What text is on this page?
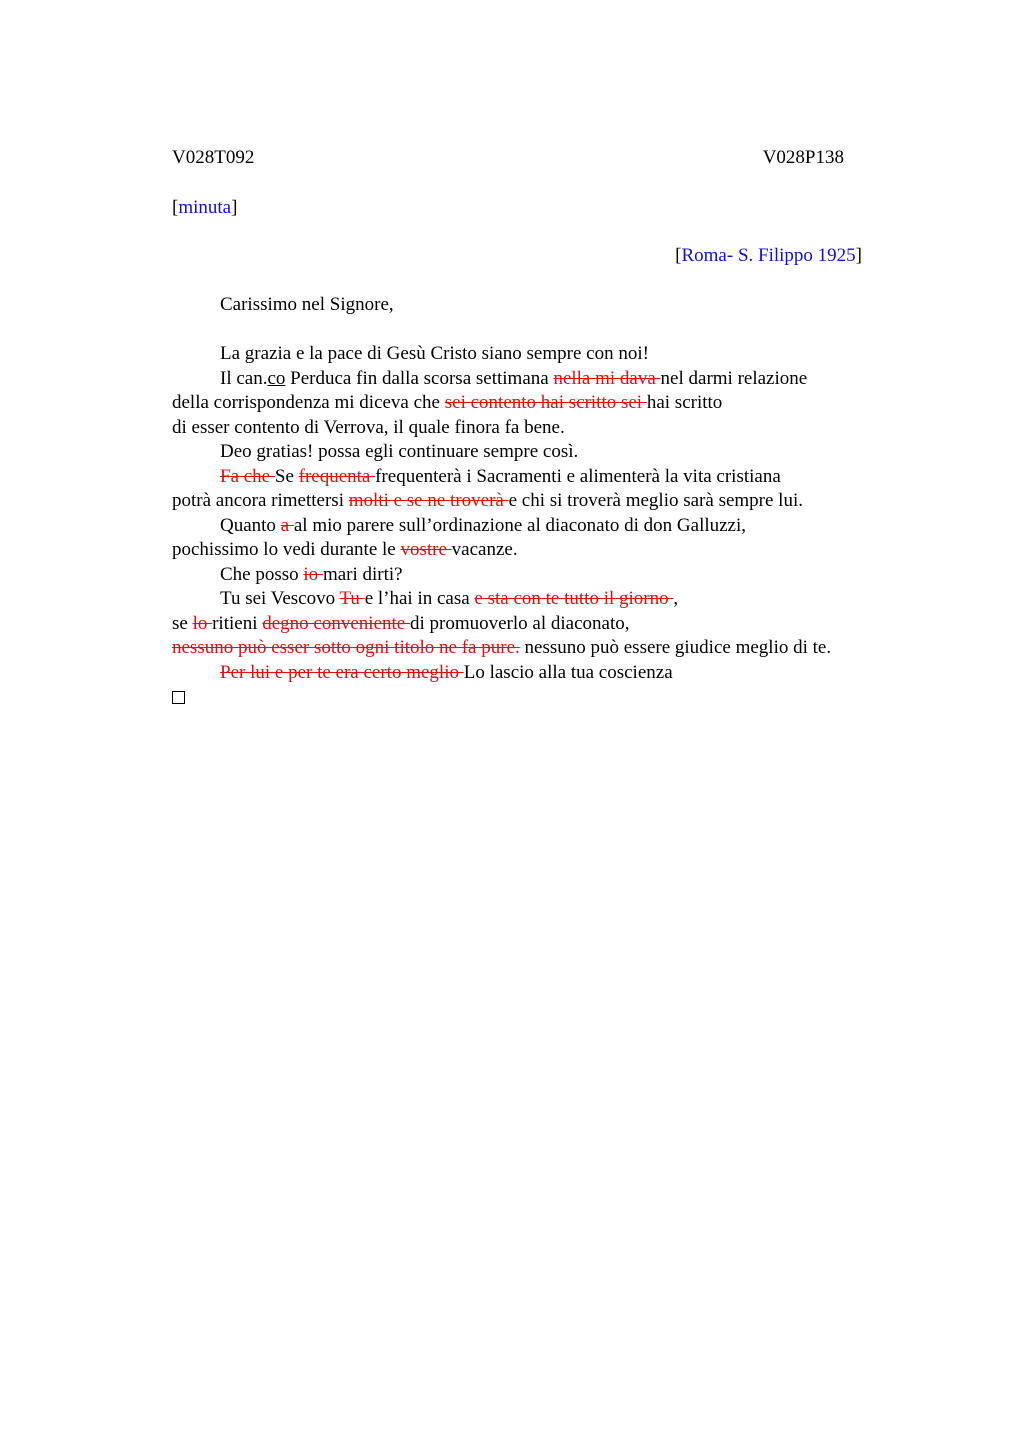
V028T092	V028P138
[minuta]
[Roma- S. Filippo 1925]
Carissimo nel Signore,
La grazia e la pace di Gesù Cristo siano sempre con noi!
Il can.co Perduca fin dalla scorsa settimana nella mi dava nel darmi relazione
della corrispondenza mi diceva che sei contento hai scritto sei hai scritto
di esser contento di Verrova, il quale finora fa bene.
Deo gratias! possa egli continuare sempre così.
Fa che Se frequenta frequenterà i Sacramenti e alimenterà la vita cristiana
potrà ancora rimettersi molti e se ne troverà e chi si troverà meglio sarà sempre lui.
Quanto a al mio parere sull’ordinazione al diaconato di don Galluzzi,
pochissimo lo vedi durante le vostre vacanze.
Che posso io mari dirti?
Tu sei Vescovo Tu e l’hai in casa e sta con te tutto il giorno ,
se lo ritieni degno conveniente di promuoverlo al diaconato,
nessuno può esser sotto ogni titolo ne fa pure. nessuno può essere giudice meglio di te.
Per lui e per te era certo meglio Lo lascio alla tua coscienza
